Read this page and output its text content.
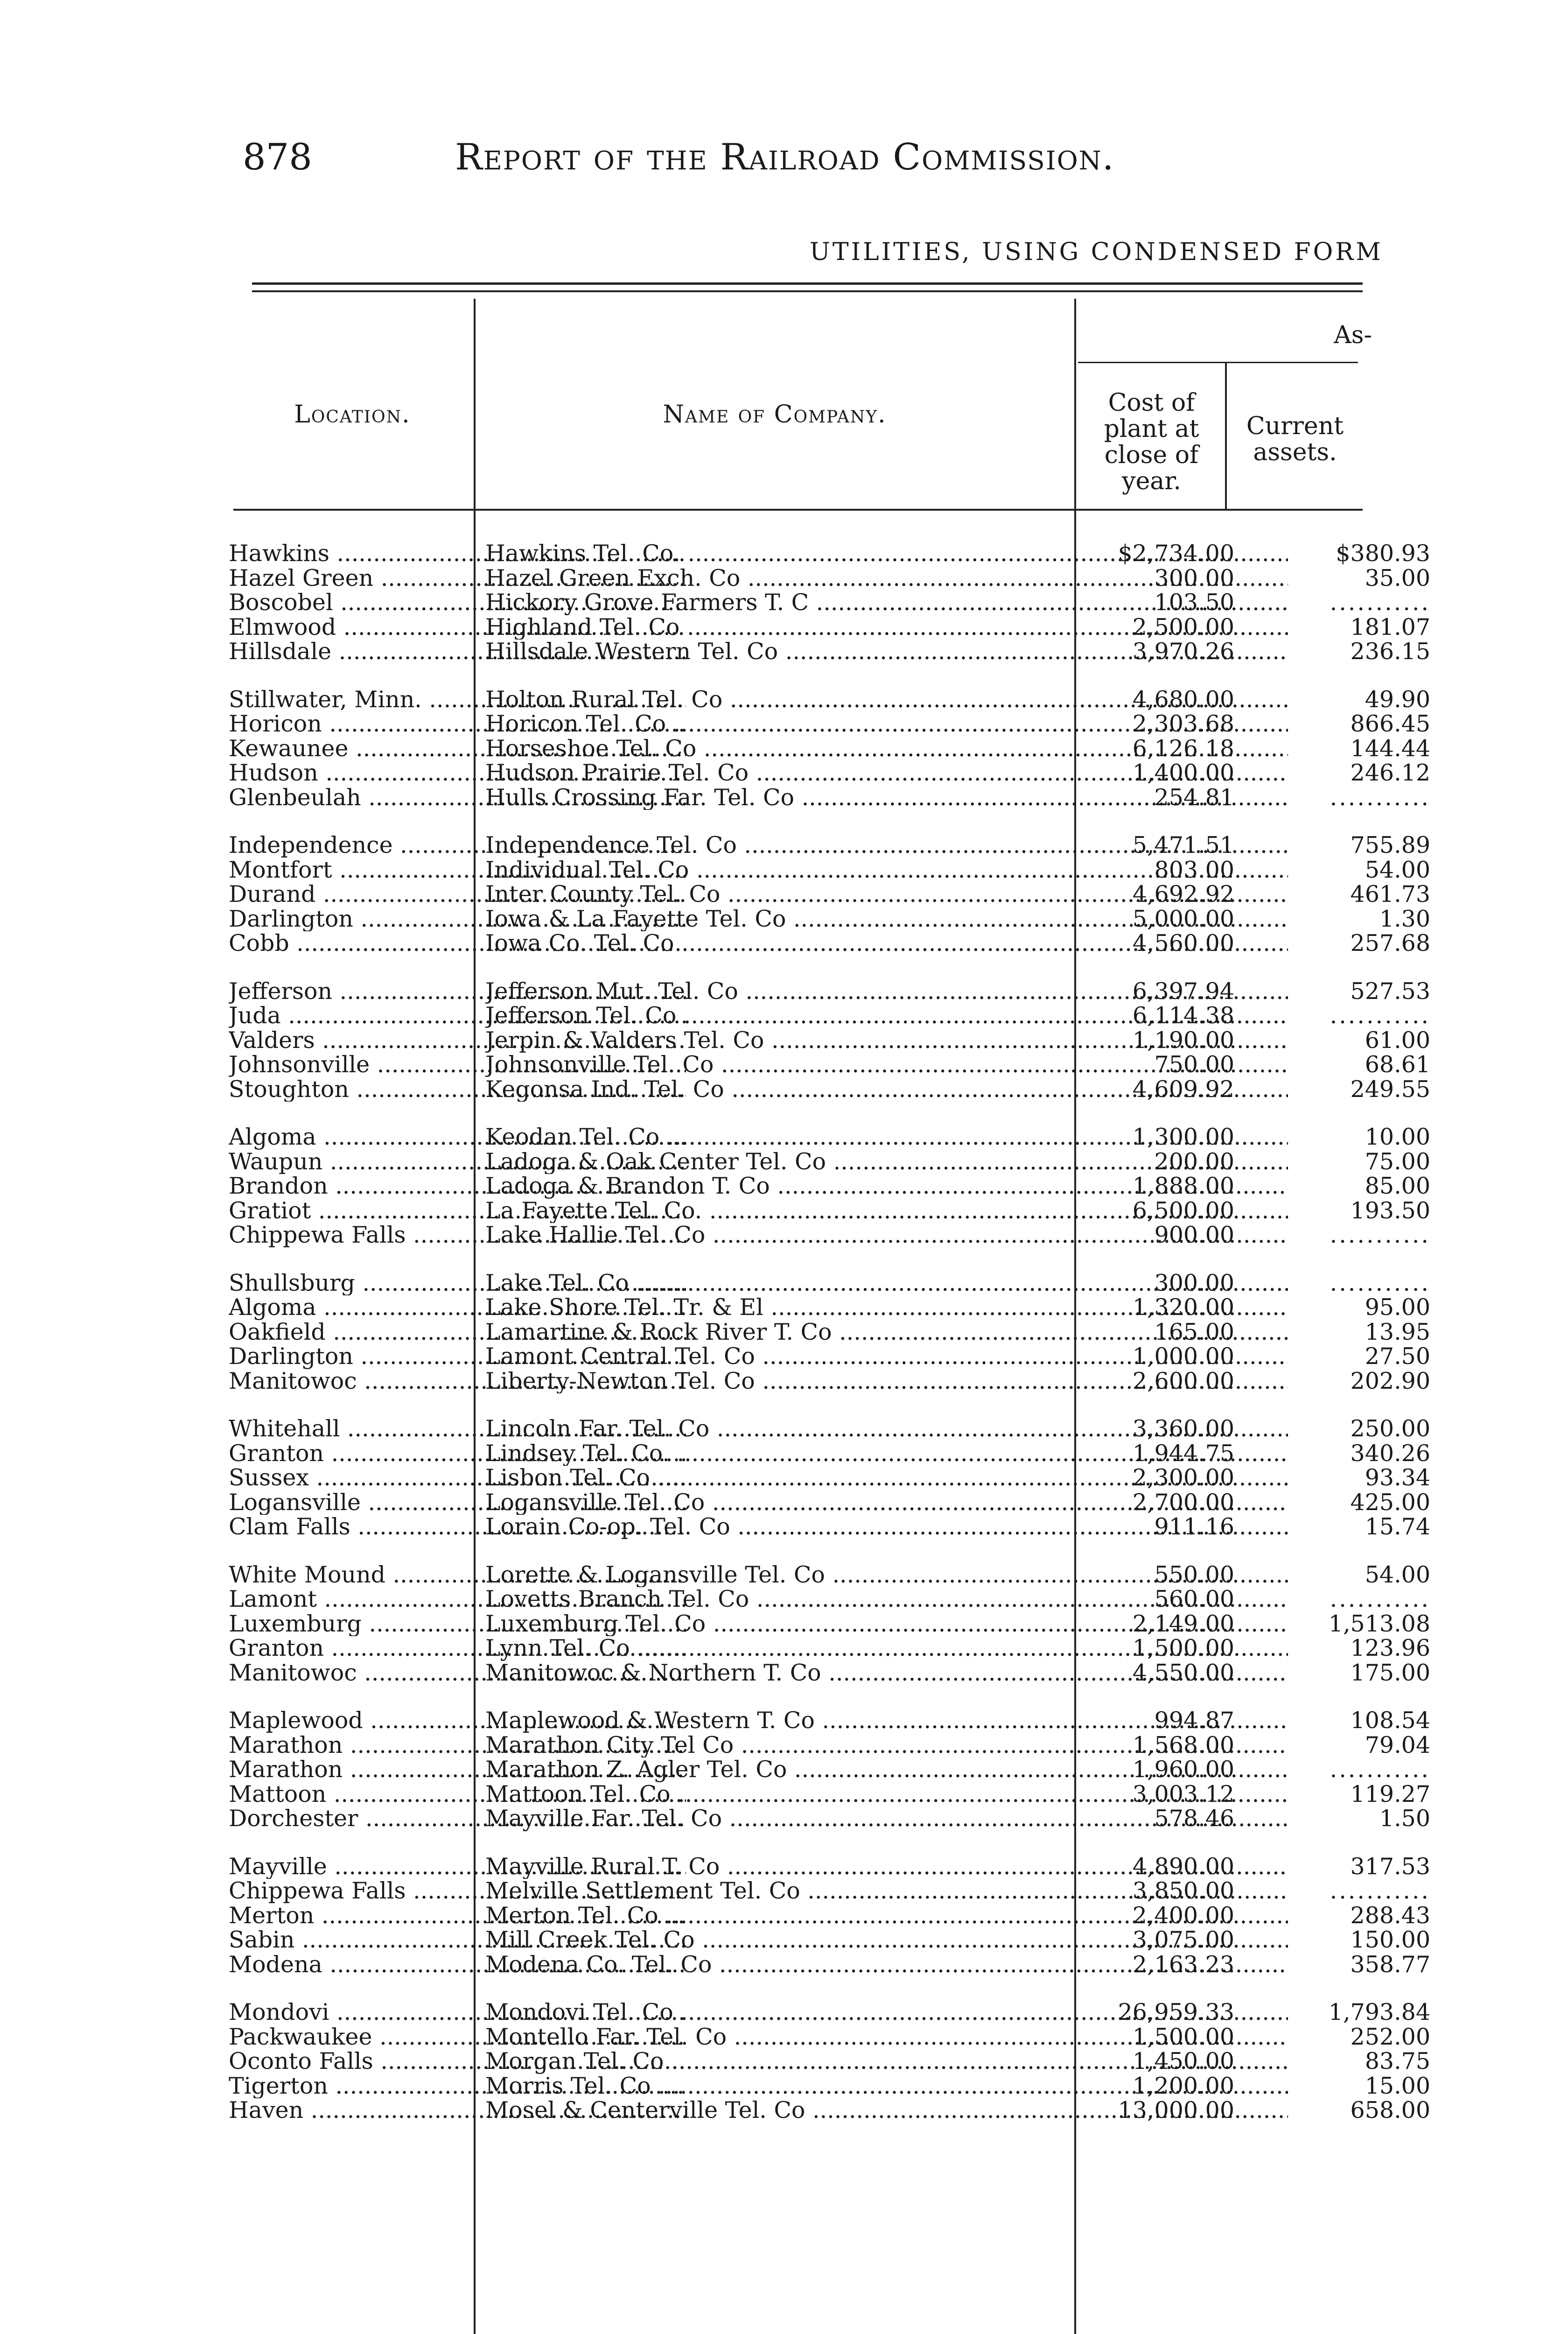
878	Report of the Railroad Commission.
UTILITIES, USING CONDENSED FORM
Location.	Name of Company.
As-
Cost of plant at close of year.
Current assets.
Hawkins .....	Hawkins Tel. Co. .....	$2,734.00	$380.93
Hazel Green .....	Hazel Green Exch. Co .....	300.00	35.00
Boscobel .....	Hickory Grove Farmers T. C .....	103.50	...........
Elmwood .....	Highland Tel. Co .....	2,500.00	181.07
Hillsdale .....	Hillsdale Western Tel. Co .....	3,970.26	236.15
Stillwater, Minn. .....	Holton Rural Tel. Co .....	4,680.00	49.90
Horicon .....	Horicon Tel. Co .....	2,303.68	866.45
Kewaunee .....	Horseshoe Tel. Co .....	6,126.18	144.44
Hudson .....	Hudson Prairie Tel. Co .....	1,400.00	246.12
Glenbeulah .....	Hulls Crossing Far. Tel. Co .....	254.81	...........
Independence .....	Independence Tel. Co .....	5,471.51	755.89
Montfort .....	Individual Tel. Co .....	803.00	54.00
Durand .....	Inter County Tel. Co .....	4,692.92	461.73
Darlington .....	Iowa & La Fayette Tel. Co .....	5,000.00	1.30
Cobb .....	Iowa Co. Tel. Co .....	4,560.00	257.68
Jefferson .....	Jefferson Mut. Tel. Co .....	6,397.94	527.53
Juda .....	Jefferson Tel. Co .....	6,114.38	...........
Valders .....	Jerpin & Valders Tel. Co .....	1,190.00	61.00
Johnsonville .....	Johnsonville Tel. Co .....	750.00	68.61
Stoughton .....	Kegonsa Ind. Tel. Co .....	4,609.92	249.55
Algoma .....	Keodan Tel. Co .....	1,300.00	10.00
Waupun .....	Ladoga & Oak Center Tel. Co .....	200.00	75.00
Brandon .....	Ladoga & Brandon T. Co .....	1,888.00	85.00
Gratiot .....	La Fayette Tel. Co. .....	6,500.00	193.50
Chippewa Falls .....	Lake Hallie Tel. Co .....	900.00	...........
Shullsburg .....	Lake Tel. Co .....	300.00	...........
Algoma .....	Lake Shore Tel. Tr. & El .....	1,320.00	95.00
Oakfield .....	Lamartine & Rock River T. Co .....	165.00	13.95
Darlington .....	Lamont Central Tel. Co .....	1,000.00	27.50
Manitowoc .....	Liberty-Newton Tel. Co .....	2,600.00	202.90
Whitehall .....	Lincoln Far. Tel. Co .....	3,360.00	250.00
Granton .....	Lindsey Tel. Co. .....	1,944.75	340.26
Sussex .....	Lisbon Tel. Co .....	2,300.00	93.34
Logansville .....	Logansville Tel. Co .....	2,700.00	425.00
Clam Falls .....	Lorain Co-op. Tel. Co .....	911.16	15.74
White Mound .....	Lorette & Logansville Tel. Co .....	550.00	54.00
Lamont .....	Lovetts Branch Tel. Co .....	560.00	...........
Luxemburg .....	Luxemburg Tel. Co .....	2,149.00	1,513.08
Granton .....	Lynn Tel. Co .....	1,500.00	123.96
Manitowoc .....	Manitowoc & Northern T. Co .....	4,550.00	175.00
Maplewood .....	Maplewood & Western T. Co .....	994.87	108.54
Marathon .....	Marathon City Tel Co .....	1,568.00	79.04
Marathon .....	Marathon Z. Agler Tel. Co .....	1,960.00	...........
Mattoon .....	Mattoon Tel. Co .....	3,003.12	119.27
Dorchester .....	Mayville Far. Tel. Co .....	578.46	1.50
Mayville .....	Mayville Rural T. Co .....	4,890.00	317.53
Chippewa Falls .....	Melville Settlement Tel. Co .....	3,850.00	...........
Merton .....	Merton Tel. Co .....	2,400.00	288.43
Sabin .....	Mill Creek Tel. Co .....	3,075.00	150.00
Modena .....	Modena Co. Tel. Co .....	2,163.23	358.77
Mondovi .....	Mondovi Tel. Co .....	26,959.33	1,793.84
Packwaukee .....	Montello Far. Tel. Co .....	1,500.00	252.00
Oconto Falls .....	Morgan Tel. Co .....	1,450.00	83.75
Tigerton .....	Morris Tel. Co .....	1,200.00	15.00
Haven .....	Mosel & Centerville Tel. Co .....	13,000.00	658.00
